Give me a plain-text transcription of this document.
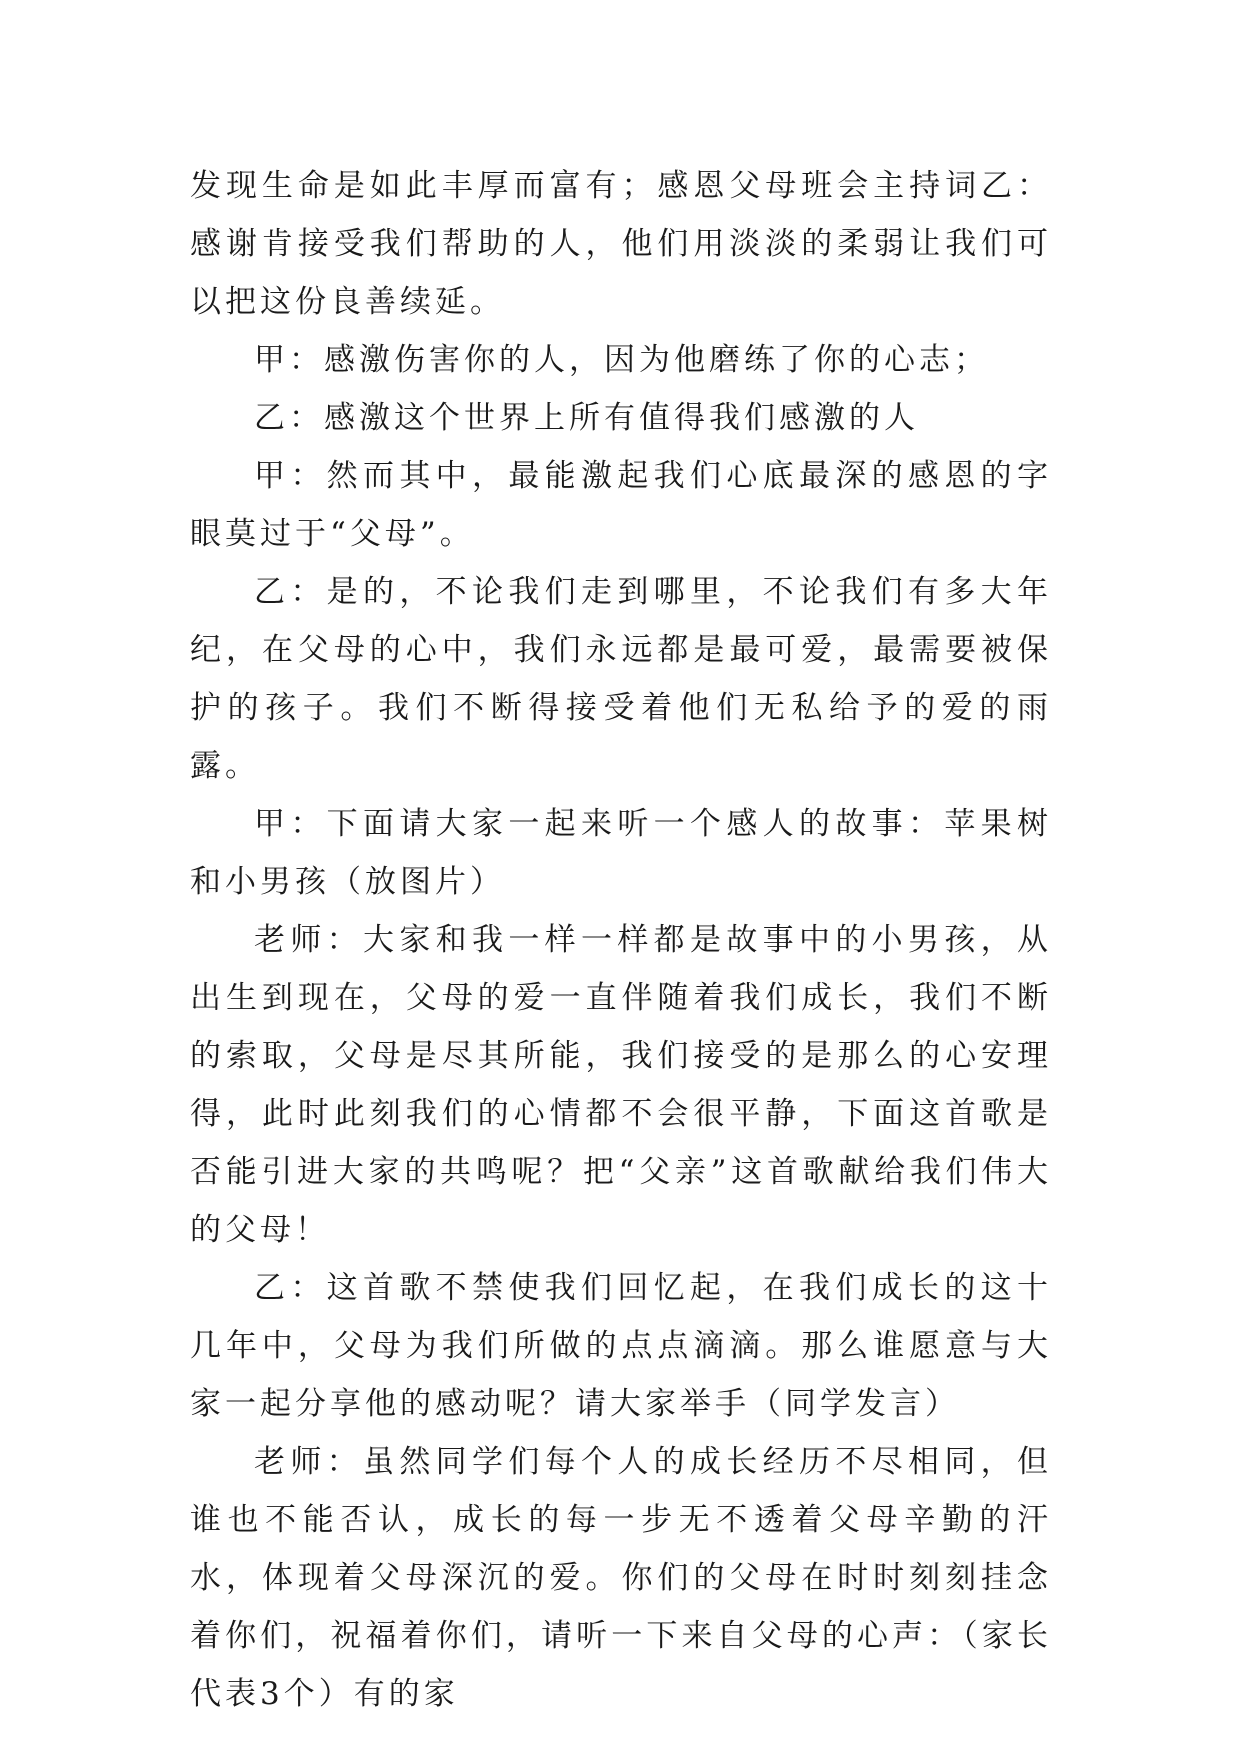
发现生命是如此丰厚而富有；感恩父母班会主持词乙：感谢肯接受我们帮助的人，他们用淡淡的柔弱让我们可以把这份良善续延。

甲：感激伤害你的人，因为他磨练了你的心志；

乙：感激这个世界上所有值得我们感激的人

甲：然而其中，最能激起我们心底最深的感恩的字眼莫过于“父母”。

乙：是的，不论我们走到哪里，不论我们有多大年纪，在父母的心中，我们永远都是最可爱，最需要被保护的孩子。我们不断得接受着他们无私给予的爱的雨露。

甲：下面请大家一起来听一个感人的故事：苹果树和小男孩（放图片）

老师：大家和我一样一样都是故事中的小男孩，从出生到现在，父母的爱一直伴随着我们成长，我们不断的索取，父母是尽其所能，我们接受的是那么的心安理得，此时此刻我们的心情都不会很平静，下面这首歌是否能引进大家的共鸣呢？把“父亲”这首歌献给我们伟大的父母！

乙：这首歌不禁使我们回忆起，在我们成长的这十几年中，父母为我们所做的点点滴滴。那么谁愿意与大家一起分享他的感动呢？请大家举手（同学发言）

老师：虽然同学们每个人的成长经历不尽相同，但谁也不能否认，成长的每一步无不透着父母辛勤的汗水，体现着父母深沉的爱。你们的父母在时时刻刻挂念着你们，祝福着你们，请听一下来自父母的心声：（家长代表3个）有的家
